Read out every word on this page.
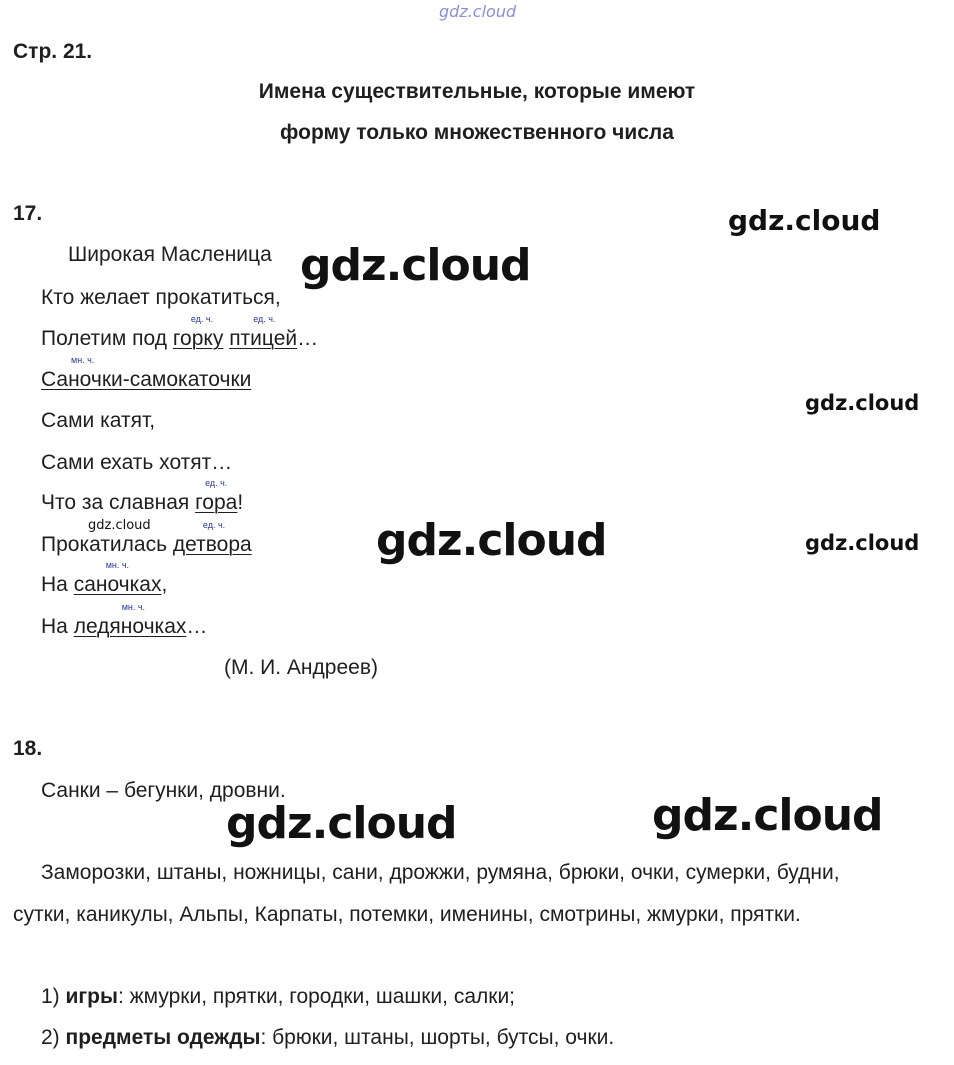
gdz.cloud
gdz.cloud
gdz.cloud
gdz.cloud
gdz.cloud	gdz.cloud	gdz.cloud
gdz.cloud
gdz.cloud
Стр. 21.
Имена существительные, которые имеют
форму только множественного числа
17.
Широкая Масленица
Кто желает прокатиться,
Полетим под горку
ед. ч.
птицей
ед. ч.
…
Саночки-самокаточки
мн. ч.
Сами катят,
Сами ехать хотят…
Что за славная гора
ед. ч.
!
Прокатилась детвора
ед. ч.
На саночках
мн. ч.
,
На ледяночках
мн. ч.
…
(М. И. Андреев)
18.
Санки – бегунки, дровни.
Заморозки, штаны, ножницы, сани, дрожжи, румяна, брюки, очки, сумерки, будни,
сутки, каникулы, Альпы, Карпаты, потемки, именины, смотрины, жмурки, прятки.
1) игры: жмурки, прятки, городки, шашки, салки;
2) предметы одежды: брюки, штаны, шорты, бутсы, очки.
